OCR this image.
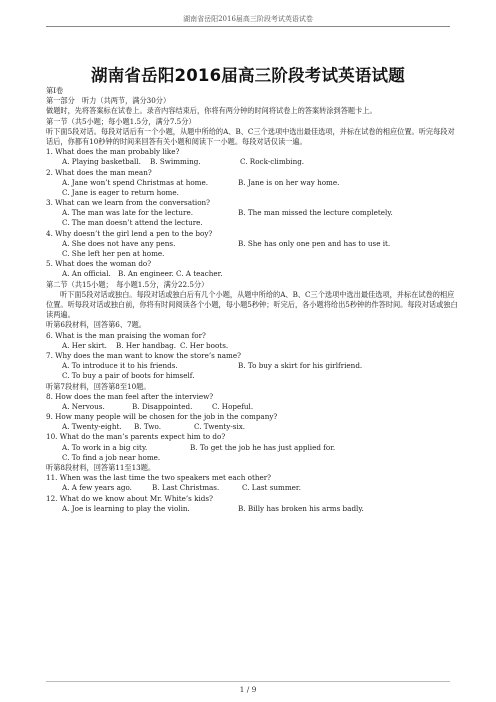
湖南省岳阳2016届高三阶段考试英语试卷
湖南省岳阳2016届高三阶段考试英语试题
第Ⅰ卷
第一部分　听力（共两节，满分30分）
做题时，先将答案标在试卷上。录音内容结束后，你将有两分钟的时间将试卷上的答案转涂到答题卡上。
第一节（共5小题；每小题1.5分，满分7.5分）
听下面5段对话。每段对话后有一个小题，从题中所给的A、B、C三个选项中选出最佳选项，并标在试卷的相应位置。听完每段对话后，你都有10秒钟的时间来回答有关小题和阅读下一小题。每段对话仅读一遍。
1. What does the man probably like?
A. Playing basketball.	B. Swimming.	C. Rock-climbing.
2. What does the man mean?
A. Jane won’t spend Christmas at home.	B. Jane is on her way home.
C. Jane is eager to return home.
3. What can we learn from the conversation?
A. The man was late for the lecture.	B. The man missed the lecture completely.
C. The man doesn’t attend the lecture.
4. Why doesn’t the girl lend a pen to the boy?
A. She does not have any pens.	B. She has only one pen and has to use it.
C. She left her pen at home.
5. What does the woman do?
A. An official.	B. An engineer. C. A teacher.
第二节（共15小题；　每小题1.5分，满分22.5分）
听下面5段对话或独白。每段对话或独白后有几个小题，从题中所给的A、B、C三个选项中选出最佳选项，并标在试卷的相应位置。听每段对话或独白前，你将有时间阅读各个小题，每小题5秒钟；听完后，各小题将给出5秒钟的作答时间。每段对话或独白读两遍。
听第6段材料，回答第6、7题。
6. What is the man praising the woman for?
A. Her skirt.	B. Her handbag. C. Her boots.
7. Why does the man want to know the store’s name?
A. To introduce it to his friends.	B. To buy a skirt for his girlfriend.
C. To buy a pair of boots for himself.
听第7段材料，回答第8至10题。
8. How does the man feel after the interview?
A. Nervous.	B. Disappointed.	C. Hopeful.
9. How many people will be chosen for the job in the company?
A. Twenty-eight.	B. Two.	C. Twenty-six.
10. What do the man’s parents expect him to do?
A. To work in a big city.	B. To get the job he has just applied for.
C. To find a job near home.
听第8段材料，回答第11至13题。
11. When was the last time the two speakers met each other?
A. A few years ago.	B. Last Christmas.	C. Last summer.
12. What do we know about Mr. White’s kids?
A. Joe is learning to play the violin.	B. Billy has broken his arms badly.
1 / 9
